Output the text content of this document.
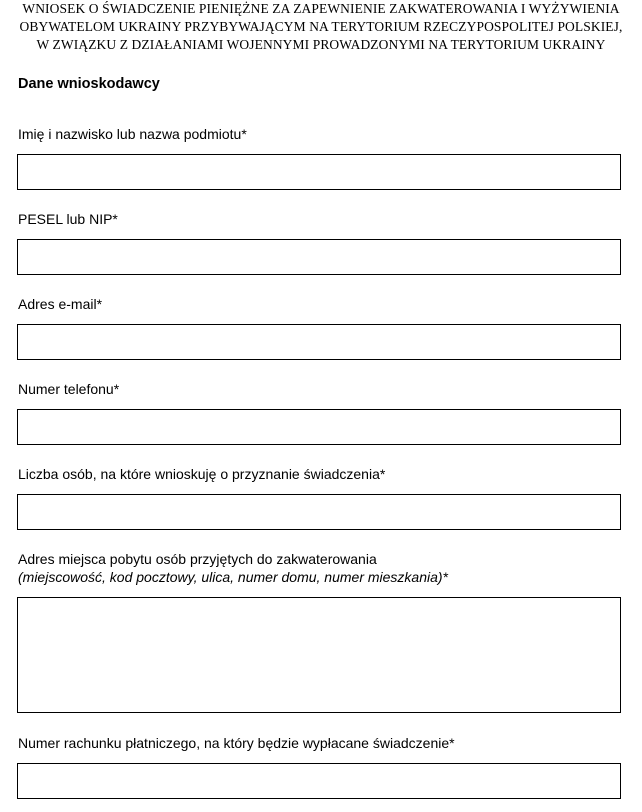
WNIOSEK O ŚWIADCZENIE PIENIĘŻNE ZA ZAPEWNIENIE ZAKWATEROWANIA I WYŻYWIENIA
OBYWATELOM UKRAINY PRZYBYWAJĄCYM NA TERYTORIUM RZECZYPOSPOLITEJ POLSKIEJ,
W ZWIĄZKU Z DZIAŁANIAMI WOJENNYMI PROWADZONYMI NA TERYTORIUM UKRAINY
Dane wnioskodawcy
Imię i nazwisko lub nazwa podmiotu*
PESEL lub NIP*
Adres e-mail*
Numer telefonu*
Liczba osób, na które wnioskuję o przyznanie świadczenia*
Adres miejsca pobytu osób przyjętych do zakwaterowania
(miejscowość, kod pocztowy, ulica, numer domu, numer mieszkania)*
Numer rachunku płatniczego, na który będzie wypłacane świadczenie*
